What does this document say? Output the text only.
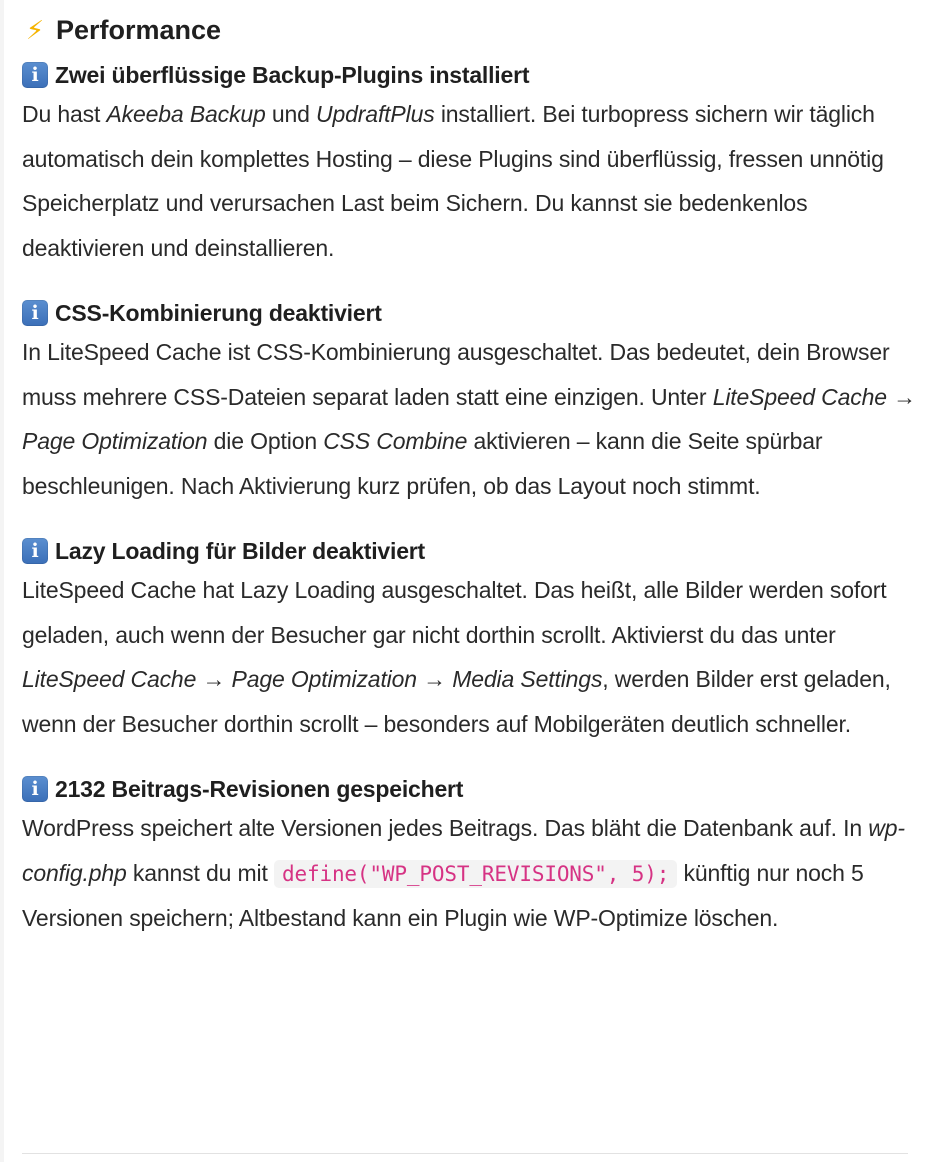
⚡ Performance
i Zwei überflüssige Backup-Plugins installiert

Du hast Akeeba Backup und UpdraftPlus installiert. Bei turbopress sichern wir täglich automatisch dein komplettes Hosting – diese Plugins sind überflüssig, fressen unnötig Speicherplatz und verursachen Last beim Sichern. Du kannst sie bedenkenlos deaktivieren und deinstallieren.

i CSS-Kombinierung deaktiviert

In LiteSpeed Cache ist CSS-Kombinierung ausgeschaltet. Das bedeutet, dein Browser muss mehrere CSS-Dateien separat laden statt eine einzigen. Unter LiteSpeed Cache → Page Optimization die Option CSS Combine aktivieren – kann die Seite spürbar beschleunigen. Nach Aktivierung kurz prüfen, ob das Layout noch stimmt.

i Lazy Loading für Bilder deaktiviert

LiteSpeed Cache hat Lazy Loading ausgeschaltet. Das heißt, alle Bilder werden sofort geladen, auch wenn der Besucher gar nicht dorthin scrollt. Aktivierst du das unter LiteSpeed Cache → Page Optimization → Media Settings, werden Bilder erst geladen, wenn der Besucher dorthin scrollt – besonders auf Mobilgeräten deutlich schneller.

i 2132 Beitrags-Revisionen gespeichert

WordPress speichert alte Versionen jedes Beitrags. Das bläht die Datenbank auf. In wp-config.php kannst du mit define("WP_POST_REVISIONS", 5); künftig nur noch 5 Versionen speichern; Altbestand kann ein Plugin wie WP-Optimize löschen.
